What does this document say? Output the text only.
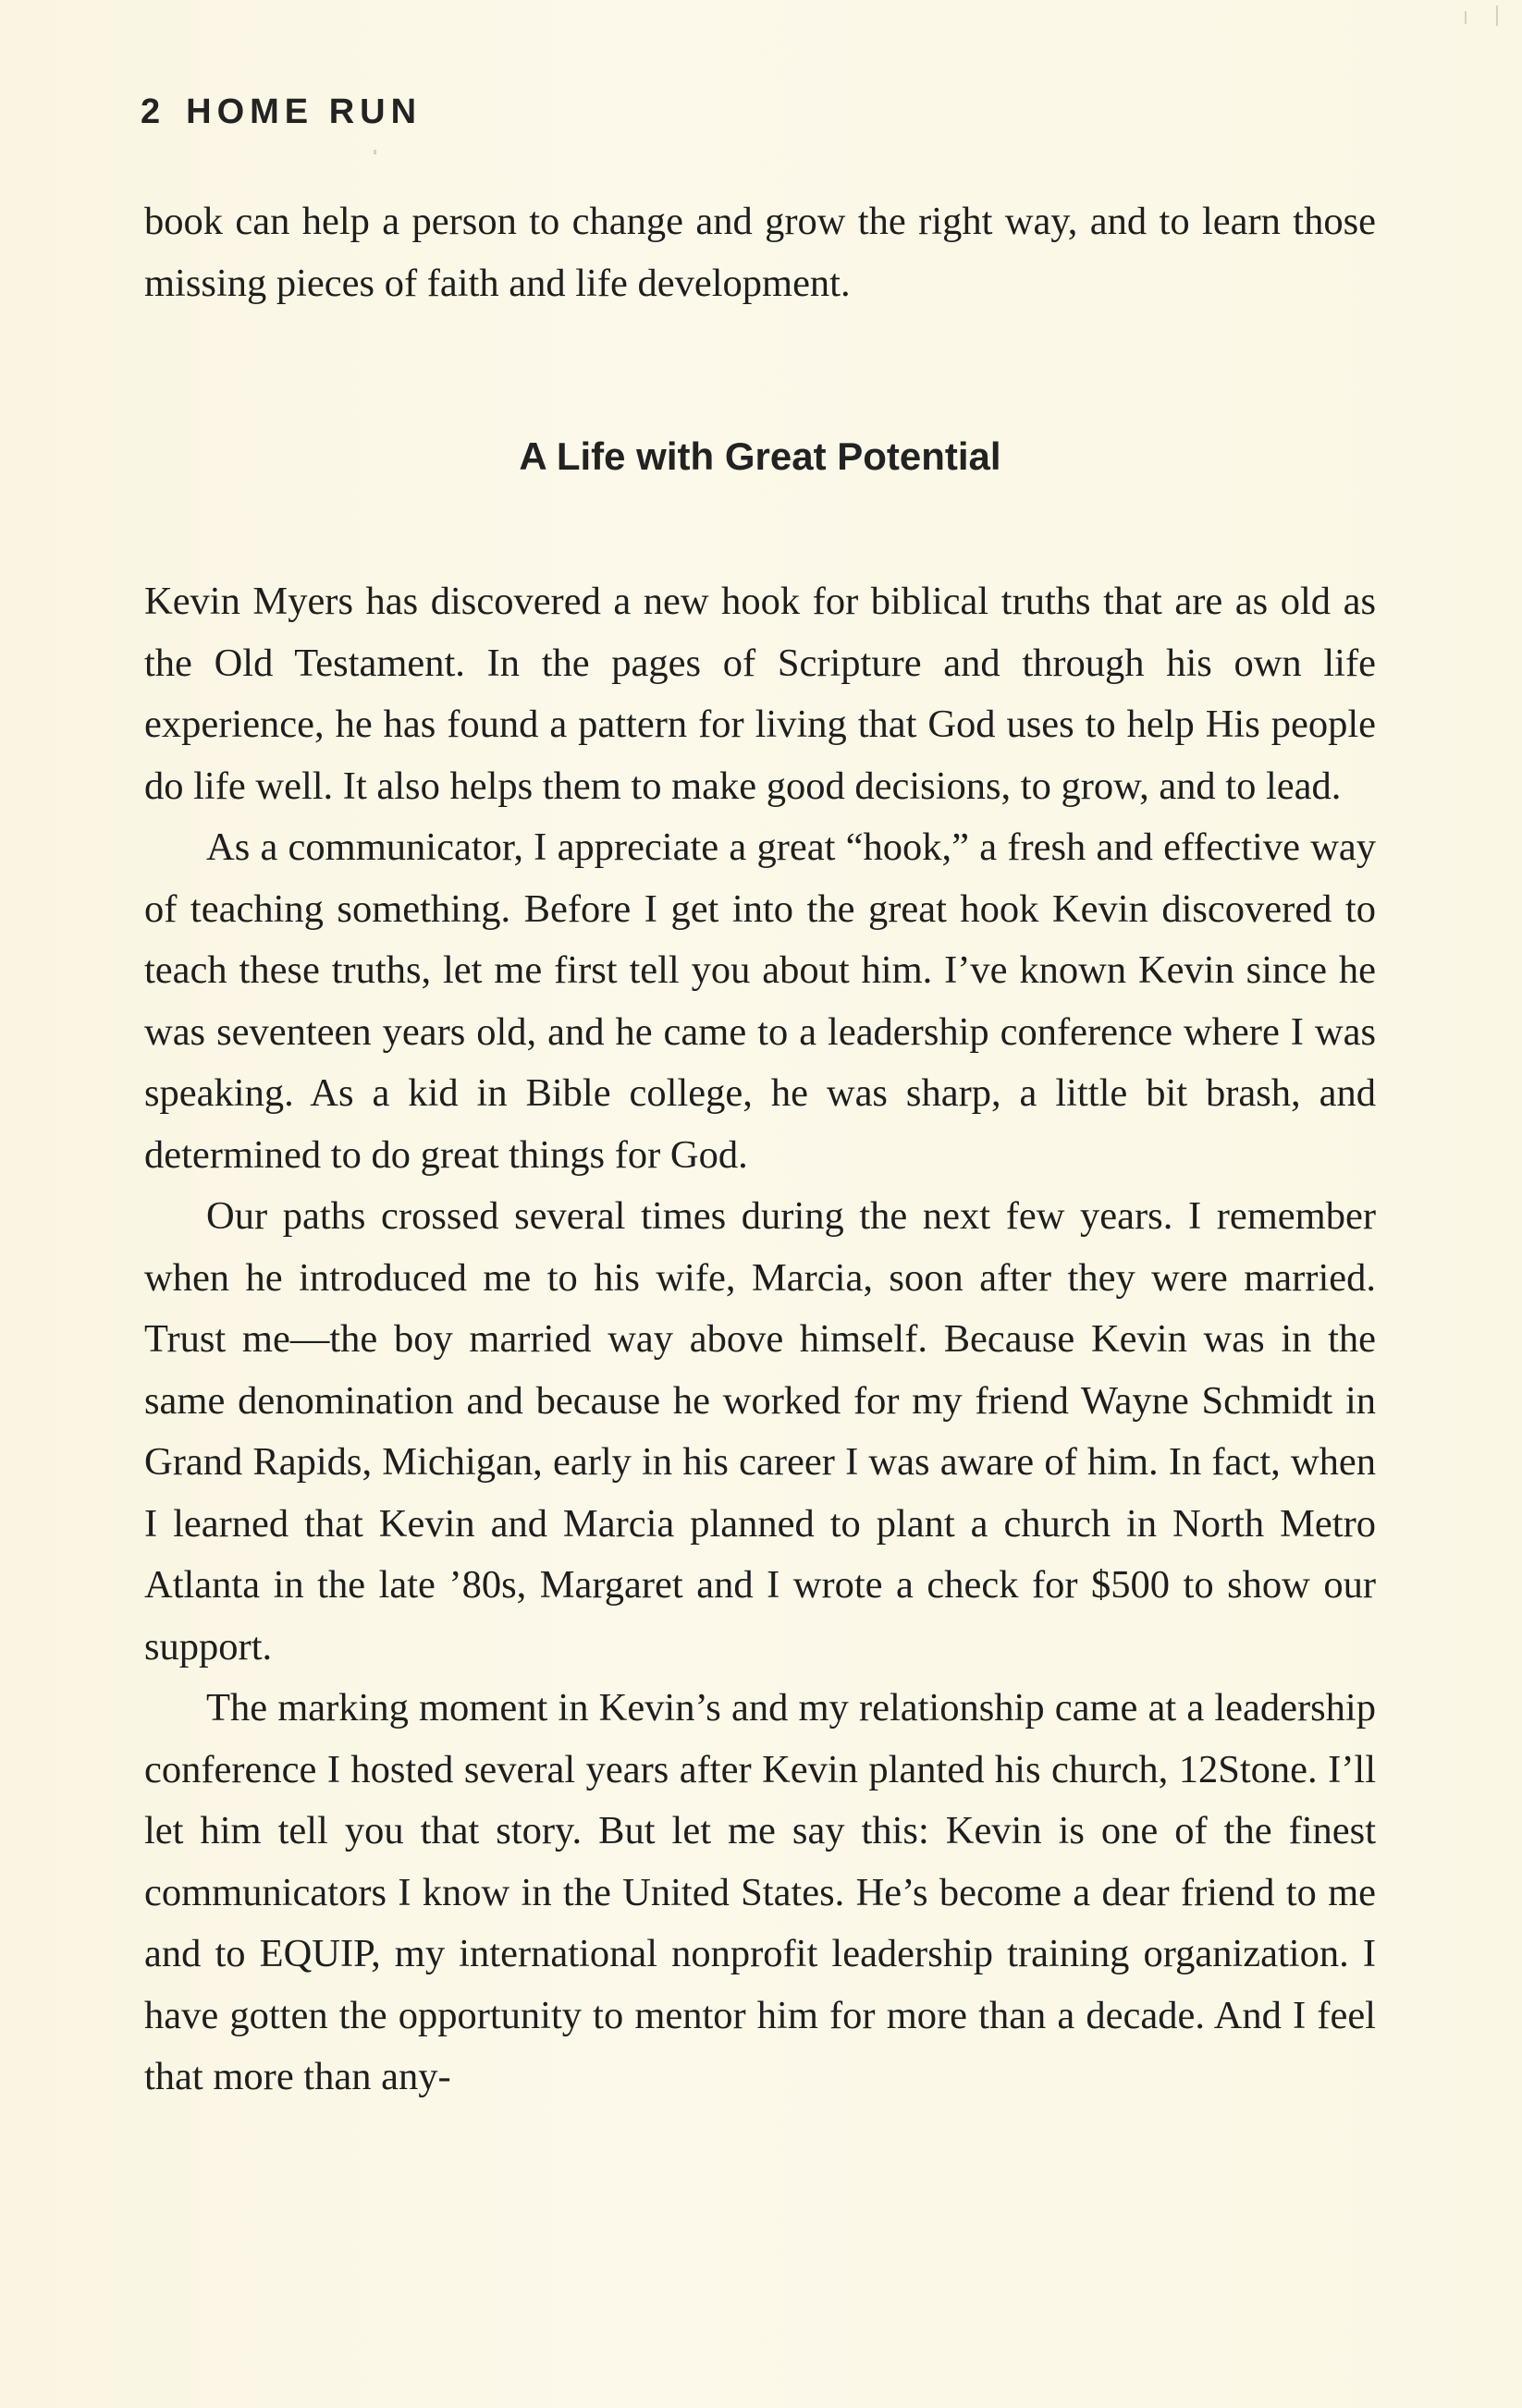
2 HOME RUN

book can help a person to change and grow the right way, and to learn those missing pieces of faith and life development.

A Life with Great Potential

Kevin Myers has discovered a new hook for biblical truths that are as old as the Old Testament. In the pages of Scripture and through his own life experience, he has found a pattern for living that God uses to help His people do life well. It also helps them to make good decisions, to grow, and to lead.

As a communicator, I appreciate a great “hook,” a fresh and effective way of teaching something. Before I get into the great hook Kevin discovered to teach these truths, let me first tell you about him. I’ve known Kevin since he was seventeen years old, and he came to a leadership conference where I was speaking. As a kid in Bible college, he was sharp, a little bit brash, and determined to do great things for God.

Our paths crossed several times during the next few years. I remember when he introduced me to his wife, Marcia, soon after they were married. Trust me—the boy married way above himself. Because Kevin was in the same denomination and because he worked for my friend Wayne Schmidt in Grand Rapids, Michigan, early in his career I was aware of him. In fact, when I learned that Kevin and Marcia planned to plant a church in North Metro Atlanta in the late ’80s, Margaret and I wrote a check for $500 to show our support.

The marking moment in Kevin’s and my relationship came at a leadership conference I hosted several years after Kevin planted his church, 12Stone. I’ll let him tell you that story. But let me say this: Kevin is one of the finest communicators I know in the United States. He’s become a dear friend to me and to EQUIP, my international nonprofit leadership training organization. I have gotten the opportunity to mentor him for more than a decade. And I feel that more than any-
